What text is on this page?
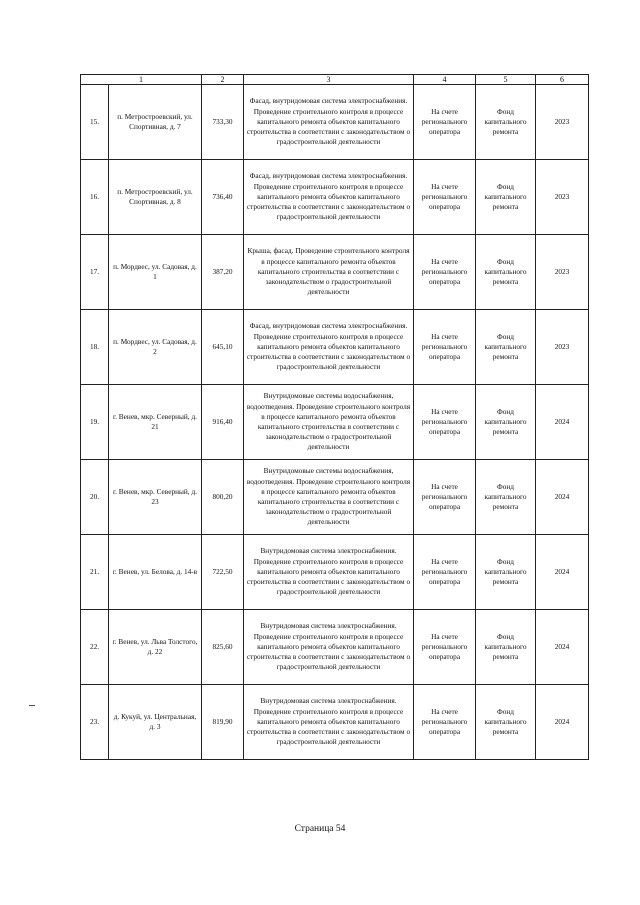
1		2	3	4	5	6
15.	п. Метростроевский, ул. Спортивная, д. 7	733,30	Фасад, внутридомовая система электроснабжения. Проведение строительного контроля в процессе капитального ремонта объектов капитального строительства в соответствии с законодательством о градостроительной деятельности	На счете регионального оператора	Фонд капитального ремонта	2023
16.	п. Метростроевский, ул. Спортивная, д. 8	736,40	Фасад, внутридомовая система электроснабжения. Проведение строительного контроля в процессе капитального ремонта объектов капитального строительства в соответствии с законодательством о градостроительной деятельности	На счете регионального оператора	Фонд капитального ремонта	2023
17.	п. Мордвес, ул. Садовая, д. 1	387,20	Крыша, фасад. Проведение строительного контроля в процессе капитального ремонта объектов капитального строительства в соответствии с законодательством о градостроительной деятельности	На счете регионального оператора	Фонд капитального ремонта	2023
18.	п. Мордвес, ул. Садовая, д. 2	645,10	Фасад, внутридомовая система электроснабжения. Проведение строительного контроля в процессе капитального ремонта объектов капитального строительства в соответствии с законодательством о градостроительной деятельности	На счете регионального оператора	Фонд капитального ремонта	2023
19.	г. Венев, мкр. Северный, д. 21	916,40	Внутридомовые системы водоснабжения, водоотведения. Проведение строительного контроля в процессе капитального ремонта объектов капитального строительства в соответствии с законодательством о градостроительной деятельности	На счете регионального оператора	Фонд капитального ремонта	2024
20.	г. Венев, мкр. Северный, д. 23	800,20	Внутридомовые системы водоснабжения, водоотведения. Проведение строительного контроля в процессе капитального ремонта объектов капитального строительства в соответствии с законодательством о градостроительной деятельности	На счете регионального оператора	Фонд капитального ремонта	2024
21.	г. Венев, ул. Белова, д. 14-в	722,50	Внутридомовая система электроснабжения. Проведение строительного контроля в процессе капитального ремонта объектов капитального строительства в соответствии с законодательством о градостроительной деятельности	На счете регионального оператора	Фонд капитального ремонта	2024
22.	г. Венев, ул. Льва Толстого, д. 22	825,60	Внутридомовая система электроснабжения. Проведение строительного контроля в процессе капитального ремонта объектов капитального строительства в соответствии с законодательством о градостроительной деятельности	На счете регионального оператора	Фонд капитального ремонта	2024
23.	д. Кукуй, ул. Центральная, д. 3	819,90	Внутридомовая система электроснабжения. Проведение строительного контроля в процессе капитального ремонта объектов капитального строительства в соответствии с законодательством о градостроительной деятельности	На счете регионального оператора	Фонд капитального ремонта	2024
Страница 54
